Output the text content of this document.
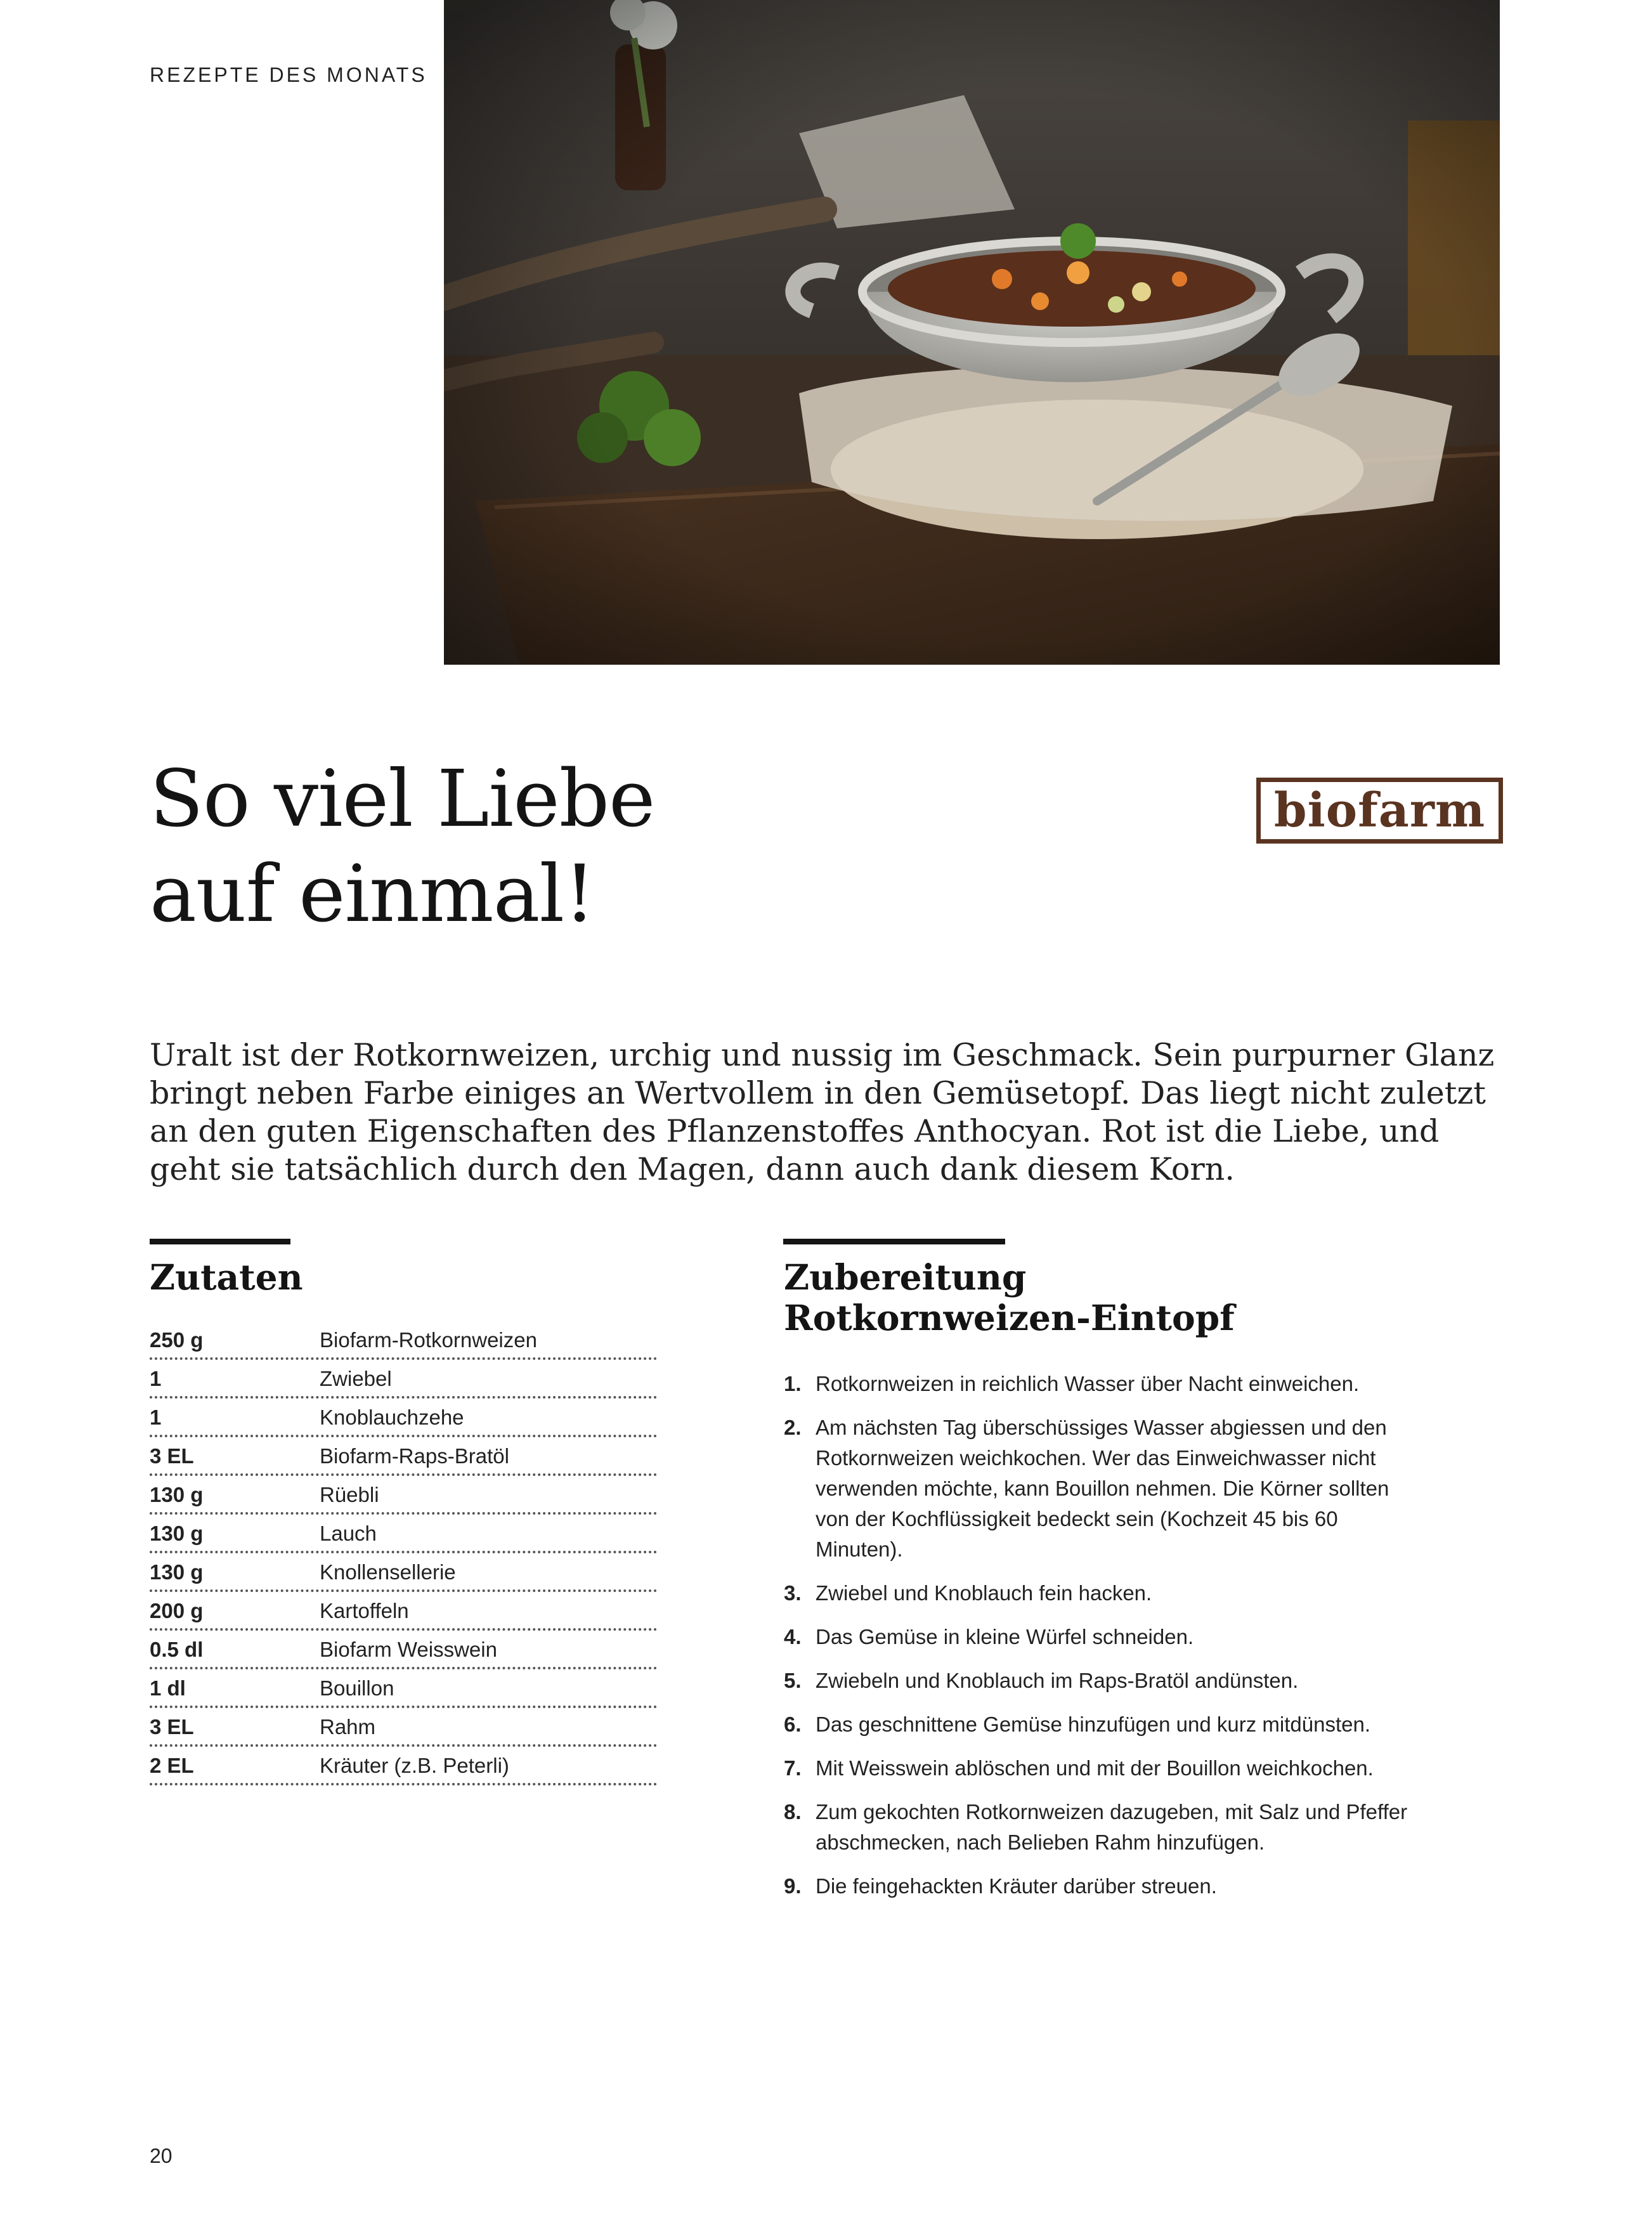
REZEPTE DES MONATS
So viel Liebe
auf einmal!
biofarm

Uralt ist der Rotkornweizen, urchig und nussig im Geschmack. Sein purpurner Glanz bringt neben Farbe einiges an Wertvollem in den Gemüsetopf. Das liegt nicht zuletzt an den guten Eigenschaften des Pflanzenstoffes Anthocyan. Rot ist die Liebe, und geht sie tatsächlich durch den Magen, dann auch dank diesem Korn.

Zutaten	Zubereitung
Rotkornweizen-Eintopf
250 g	Biofarm-Rotkornweizen
1	Zwiebel
1	Knoblauchzehe
3 EL	Biofarm-Raps-Bratöl
130 g	Rüebli
130 g	Lauch
130 g	Knollensellerie
200 g	Kartoffeln
0.5 dl	Biofarm Weisswein
1 dl	Bouillon
3 EL	Rahm
2 EL	Kräuter (z.B. Peterli)
1. Rotkornweizen in reichlich Wasser über Nacht einweichen.
2. Am nächsten Tag überschüssiges Wasser abgiessen und den Rotkornweizen weichkochen. Wer das Einweichwasser nicht verwenden möchte, kann Bouillon nehmen. Die Körner sollten von der Kochflüssigkeit bedeckt sein (Kochzeit 45 bis 60 Minuten).
3. Zwiebel und Knoblauch fein hacken.
4. Das Gemüse in kleine Würfel schneiden.
5. Zwiebeln und Knoblauch im Raps-Bratöl andünsten.
6. Das geschnittene Gemüse hinzufügen und kurz mitdünsten.
7. Mit Weisswein ablöschen und mit der Bouillon weichkochen.
8. Zum gekochten Rotkornweizen dazugeben, mit Salz und Pfeffer abschmecken, nach Belieben Rahm hinzufügen.
9. Die feingehackten Kräuter darüber streuen.
20
